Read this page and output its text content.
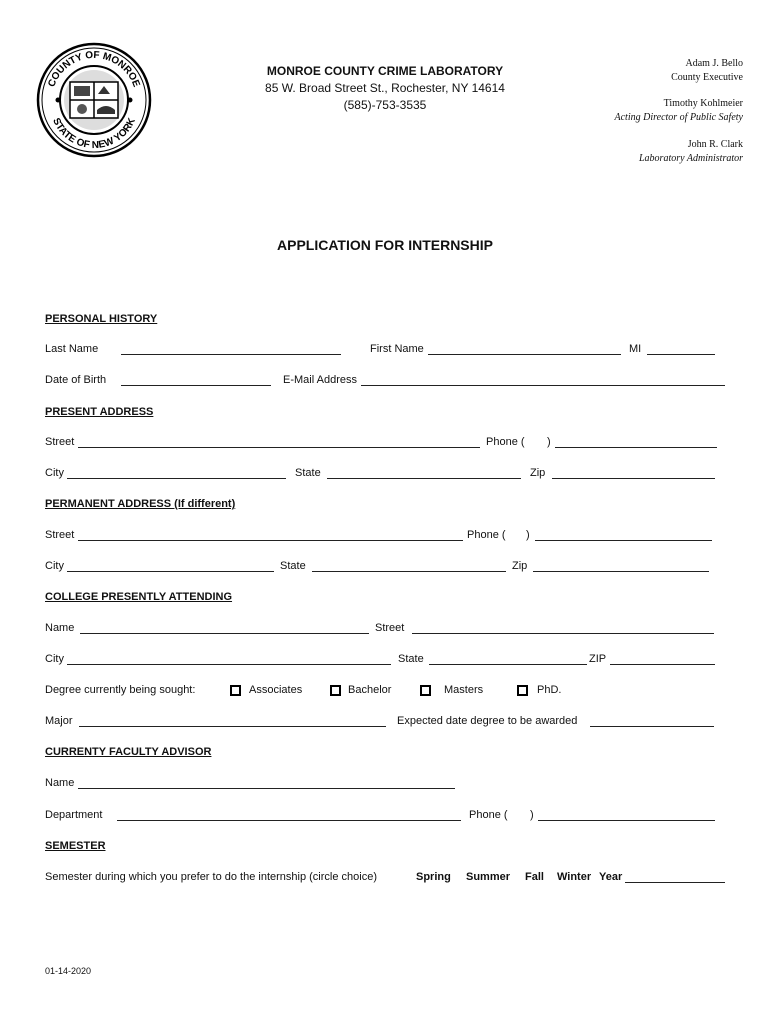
COUNTY OF MONROE
STATE OF NEW YORK
MONROE COUNTY CRIME LABORATORY
85 W. Broad Street St., Rochester, NY 14614
(585)-753-3535
Adam J. Bello
County Executive
Timothy Kohlmeier
Acting Director of Public Safety
John R. Clark
Laboratory Administrator
APPLICATION FOR INTERNSHIP
PERSONAL HISTORY
Last Name	First Name	MI
Date of Birth	E-Mail Address
PRESENT ADDRESS
Street	Phone ( )
City	State	Zip
PERMANENT ADDRESS (If different)
Street	Phone ( )
City	State	Zip
COLLEGE PRESENTLY ATTENDING
Name	Street
City	State	ZIP
Degree currently being sought:	Associates	Bachelor	Masters	PhD.
Major	Expected date degree to be awarded
CURRENTY FACULTY ADVISOR
Name
Department	Phone ( )
SEMESTER
Semester during which you prefer to do the internship (circle choice)	Spring Summer Fall Winter Year
01-14-2020
